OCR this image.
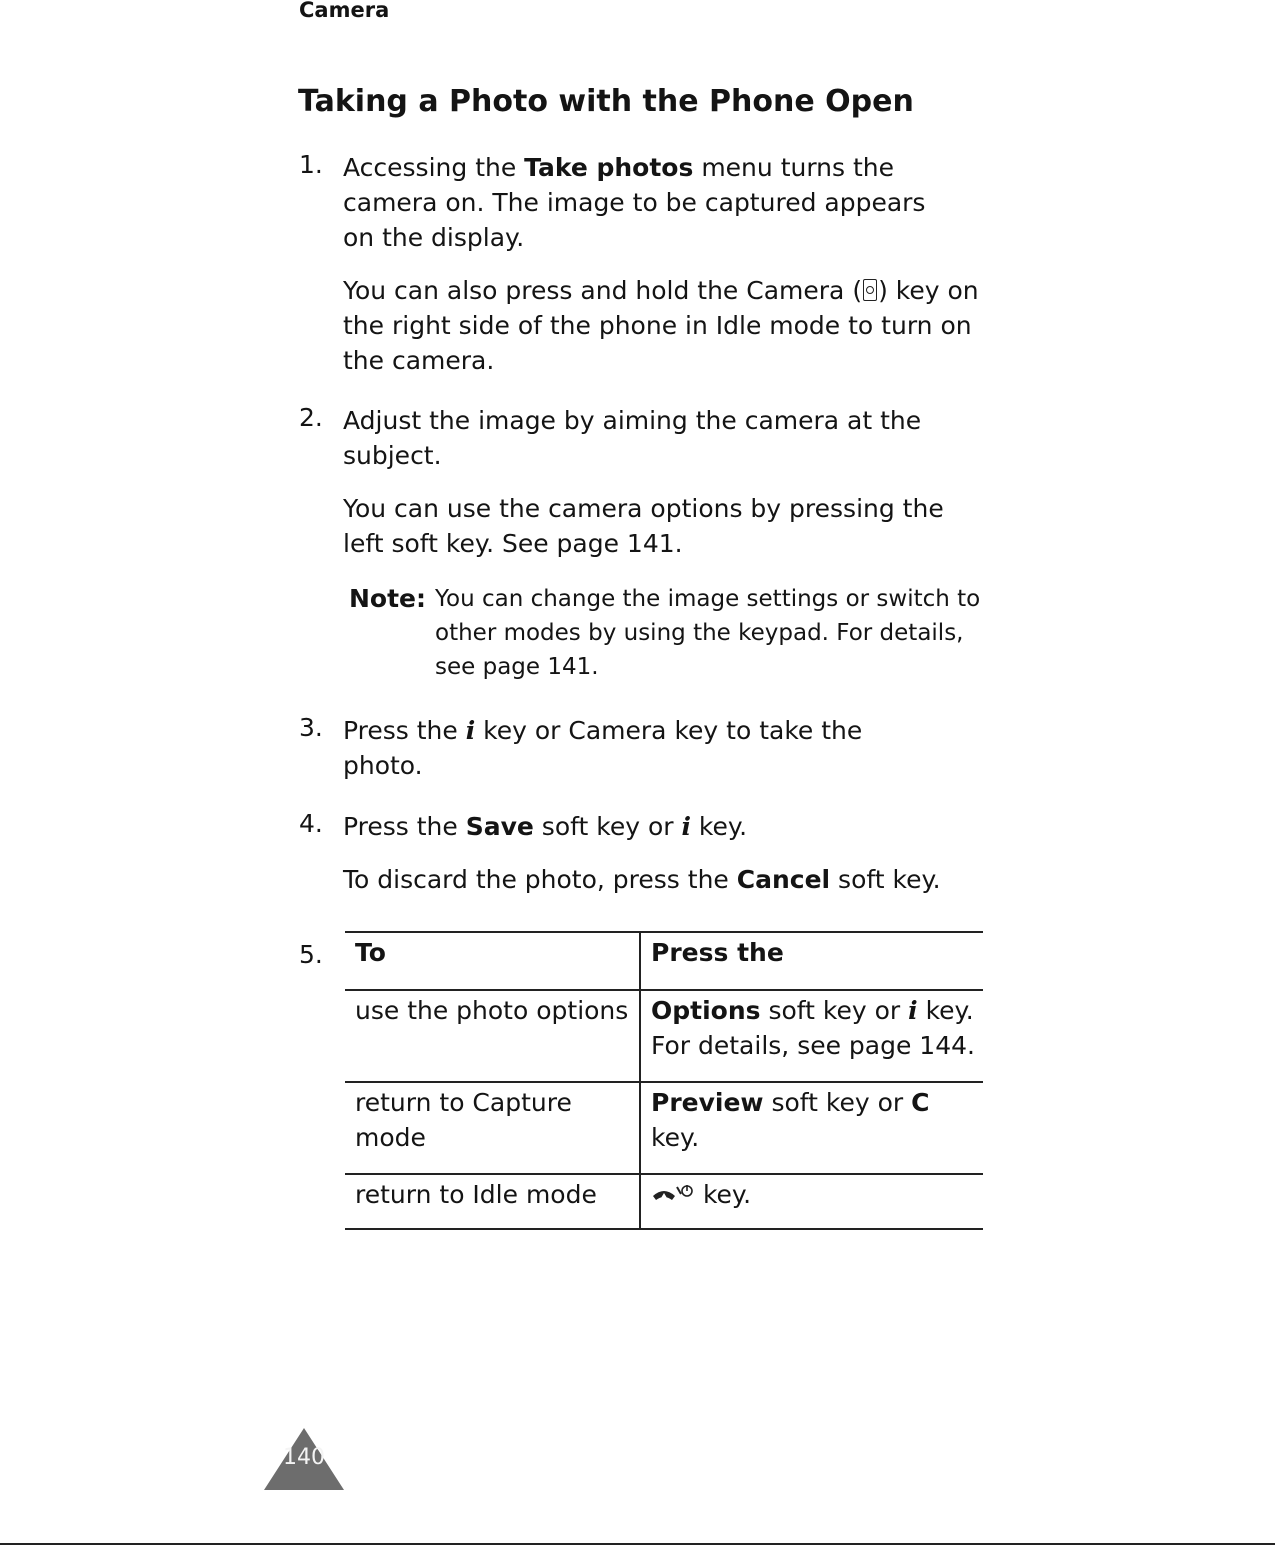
Camera
Taking a Photo with the Phone Open
1. Accessing the Take photos menu turns the camera on. The image to be captured appears on the display.
You can also press and hold the Camera ( ) key on the right side of the phone in Idle mode to turn on the camera.
2. Adjust the image by aiming the camera at the subject.
You can use the camera options by pressing the left soft key. See page 141.
Note: You can change the image settings or switch to other modes by using the keypad. For details, see page 141.
3. Press the i key or Camera key to take the photo.
4. Press the Save soft key or i key.
To discard the photo, press the Cancel soft key.
5. To	Press the
use the photo options	Options soft key or i key. For details, see page 144.
return to Capture mode	Preview soft key or C key.
return to Idle mode	key.
140
